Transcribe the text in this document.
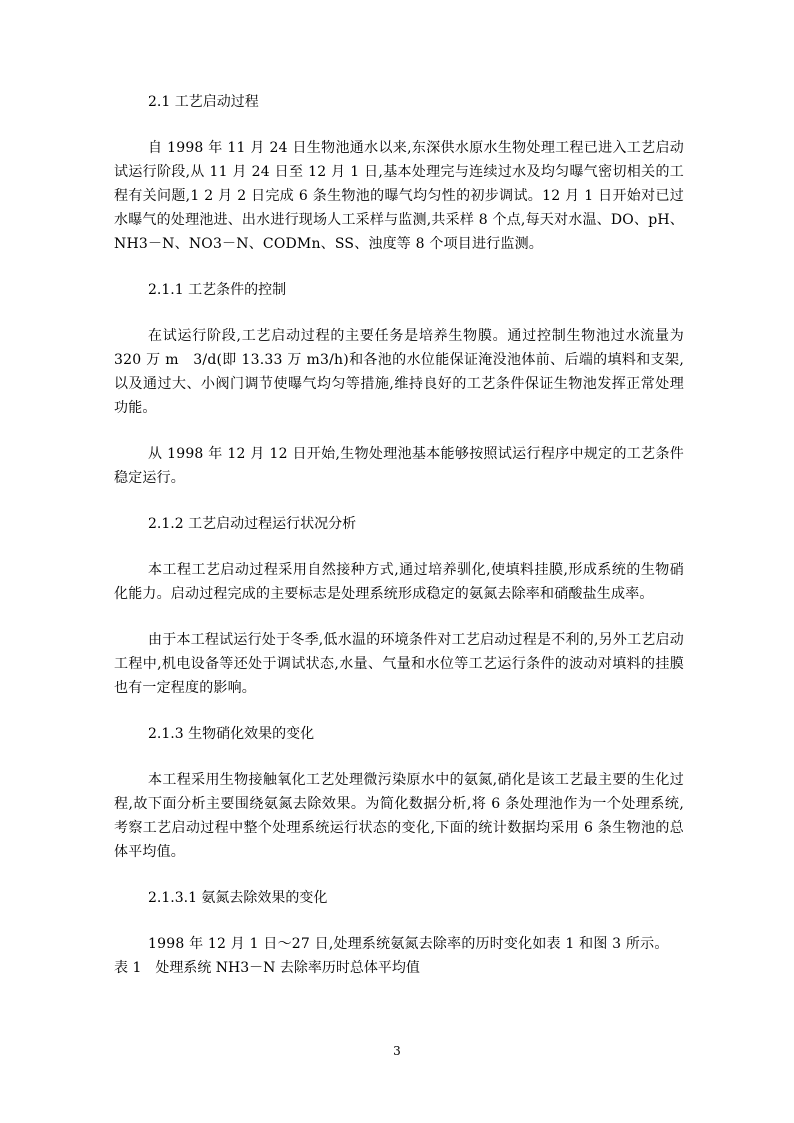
2.1 工艺启动过程

自 1998 年 11 月 24 日生物池通水以来,东深供水原水生物处理工程已进入工艺启动试运行阶段,从 11 月 24 日至 12 月 1 日,基本处理完与连续过水及均匀曝气密切相关的工程有关问题,1 2 月 2 日完成 6 条生物池的曝气均匀性的初步调试。12 月 1 日开始对已过水曝气的处理池进、出水进行现场人工采样与监测,共采样 8 个点,每天对水温、DO、pH、NH3－N、NO3－N、CODMn、SS、浊度等 8 个项目进行监测。

2.1.1 工艺条件的控制

在试运行阶段,工艺启动过程的主要任务是培养生物膜。通过控制生物池过水流量为 320 万 m　3/d(即 13.33 万 m3/h)和各池的水位能保证淹没池体前、后端的填料和支架,以及通过大、小阀门调节使曝气均匀等措施,维持良好的工艺条件保证生物池发挥正常处理功能。

从 1998 年 12 月 12 日开始,生物处理池基本能够按照试运行程序中规定的工艺条件稳定运行。

2.1.2 工艺启动过程运行状况分析

本工程工艺启动过程采用自然接种方式,通过培养驯化,使填料挂膜,形成系统的生物硝化能力。启动过程完成的主要标志是处理系统形成稳定的氨氮去除率和硝酸盐生成率。

由于本工程试运行处于冬季,低水温的环境条件对工艺启动过程是不利的,另外工艺启动工程中,机电设备等还处于调试状态,水量、气量和水位等工艺运行条件的波动对填料的挂膜也有一定程度的影响。

2.1.3 生物硝化效果的变化

本工程采用生物接触氧化工艺处理微污染原水中的氨氮,硝化是该工艺最主要的生化过程,故下面分析主要围绕氨氮去除效果。为简化数据分析,将 6 条处理池作为一个处理系统,考察工艺启动过程中整个处理系统运行状态的变化,下面的统计数据均采用 6 条生物池的总体平均值。

2.1.3.1 氨氮去除效果的变化

1998 年 12 月 1 日～27 日,处理系统氨氮去除率的历时变化如表 1 和图 3 所示。

表 1　处理系统 NH3－N 去除率历时总体平均值
3
